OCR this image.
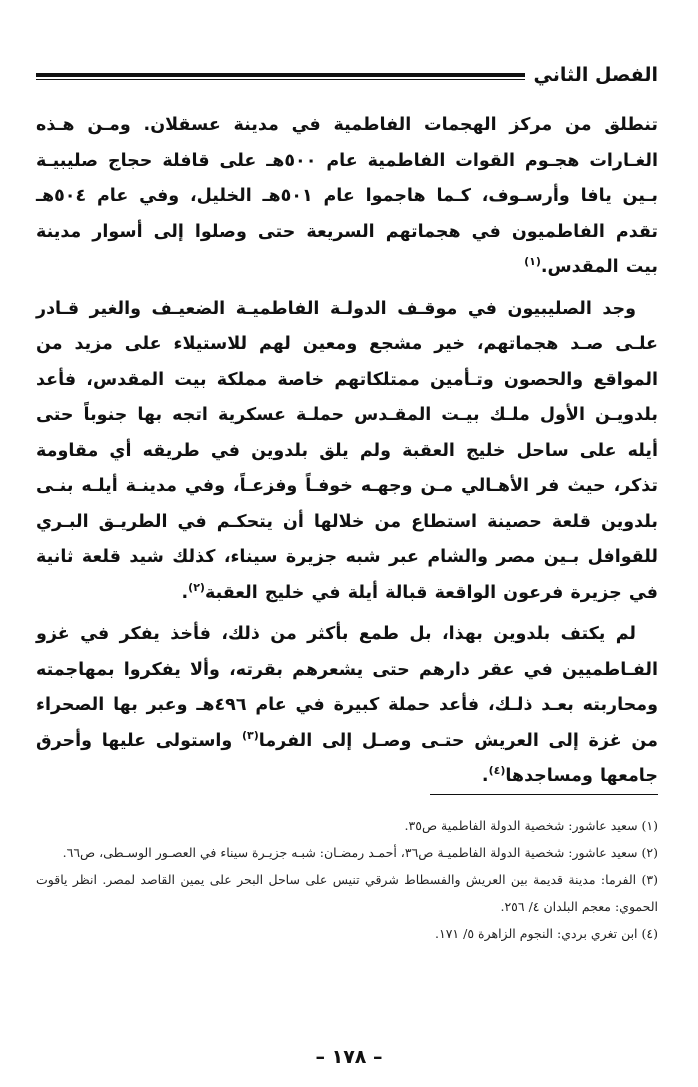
الفصل الثاني

تنطلق من مركز الهجمات الفاطمية في مدينة عسقلان. ومـن هـذه الغـارات هجـوم القوات الفاطمية عام ٥٠٠هـ على قافلة حجاج صليبيـة بـين يافا وأرسـوف، كـما هاجموا عام ٥٠١هـ الخليل، وفي عام ٥٠٤هـ تقدم الفاطميون في هجماتهم السريعة حتى وصلوا إلى أسوار مدينة بيت المقدس.$^{(١)}$

وجد الصليبيون في موقـف الدولـة الفاطميـة الضعيـف والغير قـادر علـى صـد هجماتهم، خير مشجع ومعين لهم للاستيلاء على مزيد من المواقع والحصون وتـأمين ممتلكاتهم خاصة مملكة بيت المقدس، فأعد بلدويـن الأول ملـك بيـت المقـدس حملـة عسكرية اتجه بها جنوباً حتى أيله على ساحل خليج العقبة ولم يلق بلدوين في طريقه أي مقاومة تذكر، حيث فر الأهـالي مـن وجهـه خوفـاً وفزعـاً، وفي مدينـة أيلـه بنـى بلدوين قلعة حصينة استطاع من خلالها أن يتحكـم في الطريـق البـري للقوافل بـين مصر والشام عبر شبه جزيرة سيناء، كذلك شيد قلعة ثانية في جزيرة فرعون الواقعة قبالة أيلة في خليج العقبة$^{(٢)}$.

لم يكتف بلدوين بهذا، بل طمع بأكثر من ذلك، فأخذ يفكر في غزو الفـاطميين في عقر دارهم حتى يشعرهم بقرته، وألا يفكروا بمهاجمته ومحاربته بعـد ذلـك، فأعد حملة كبيرة في عام ٤٩٦هـ وعبر بها الصحراء من غزة إلى العريش حتـى وصـل إلى الفرما$^{(٣)}$ واستولى عليها وأحرق جامعها ومساجدها$^{(٤)}$.

(١) سعيد عاشور: شخصية الدولة الفاطمية ص٣٥.

(٢) سعيد عاشور: شخصية الدولة الفاطميـة ص٣٦، أحمـد رمضـان: شبـه جزيـرة سيناء في العصـور الوسـطى، ص٦٦.

(٣) الفرما: مدينة قديمة بين العريش والفسطاط شرقي تنيس على ساحل البحر على يمين القاصد لمصر. انظر ياقوت الحموي: معجم البلدان ٤/ ٢٥٦.

(٤) ابن تغري بردي: النجوم الزاهرة ٥/ ١٧١.

– ١٧٨ –
